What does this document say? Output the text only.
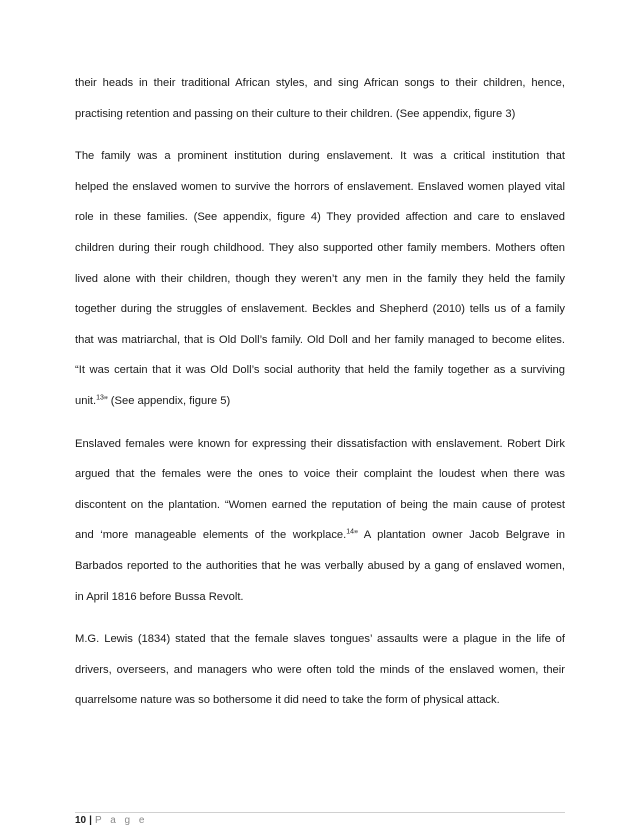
their heads in their traditional African styles, and sing African songs to their children, hence,
practising retention and passing on their culture to their children. (See appendix, figure 3)

The family was a prominent institution during enslavement. It was a critical institution that
helped the enslaved women to survive the horrors of enslavement. Enslaved women played vital
role in these families. (See appendix, figure 4) They provided affection and care to enslaved
children during their rough childhood. They also supported other family members. Mothers often
lived alone with their children, though they weren’t any men in the family they held the family
together during the struggles of enslavement. Beckles and Shepherd (2010) tells us of a family
that was matriarchal, that is Old Doll’s family. Old Doll and her family managed to become elites.
“It was certain that it was Old Doll’s social authority that held the family together as a surviving
unit.$^{13}$” (See appendix, figure 5)

Enslaved females were known for expressing their dissatisfaction with enslavement. Robert Dirk
argued that the females were the ones to voice their complaint the loudest when there was
discontent on the plantation. “Women earned the reputation of being the main cause of protest
and ‘more manageable elements of the workplace.$^{14}$” A plantation owner Jacob Belgrave in
Barbados reported to the authorities that he was verbally abused by a gang of enslaved women,
in April 1816 before Bussa Revolt.

M.G. Lewis (1834) stated that the female slaves tongues’ assaults were a plague in the life of
drivers, overseers, and managers who were often told the minds of the enslaved women, their
quarrelsome nature was so bothersome it did need to take the form of physical attack.

10 | P a g e
